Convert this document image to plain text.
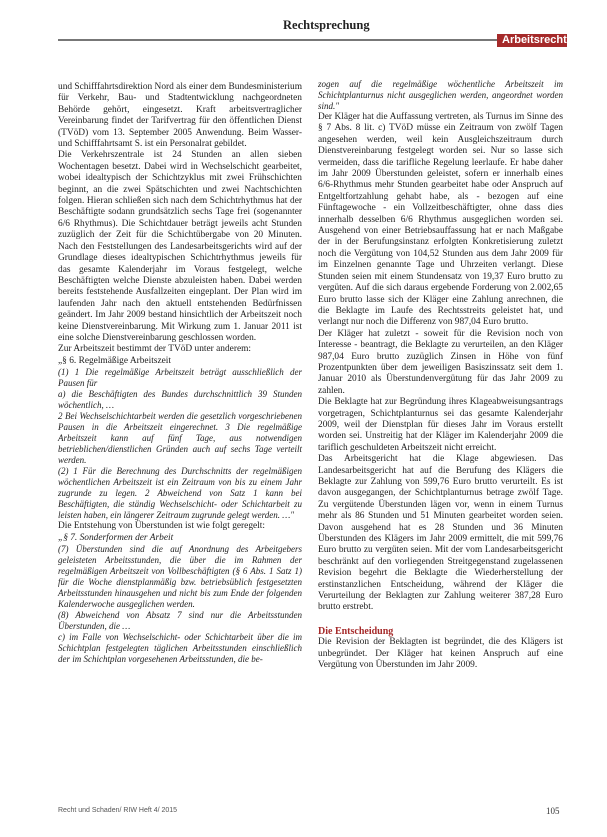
Rechtsprechung
Arbeitsrecht

und Schifffahrtsdirektion Nord als einer dem Bundesministerium für Verkehr, Bau- und Stadtentwicklung nachgeordneten Behörde gehört, eingesetzt. Kraft arbeitsvertraglicher Vereinbarung findet der Tarifvertrag für den öffentlichen Dienst (TVöD) vom 13. September 2005 Anwendung. Beim Wasser- und Schifffahrtsamt S. ist ein Personalrat gebildet.

Die Verkehrszentrale ist 24 Stunden an allen sieben Wochentagen besetzt. Dabei wird in Wechselschicht gearbeitet, wobei idealtypisch der Schichtzyklus mit zwei Frühschichten beginnt, an die zwei Spätschichten und zwei Nachtschichten folgen. Hieran schließen sich nach dem Schichtrhythmus hat der Beschäftigte sodann grundsätzlich sechs Tage frei (sogenannter 6/6 Rhythmus). Die Schichtdauer beträgt jeweils acht Stunden zuzüglich der Zeit für die Schichtübergabe von 20 Minuten. Nach den Feststellungen des Landesarbeitsgerichts wird auf der Grundlage dieses idealtypischen Schichtrhythmus jeweils für das gesamte Kalenderjahr im Voraus festgelegt, welche Beschäftigten welche Dienste abzuleisten haben. Dabei werden bereits feststehende Ausfallzeiten eingeplant. Der Plan wird im laufenden Jahr nach den aktuell entstehenden Bedürfnissen geändert. Im Jahr 2009 bestand hinsichtlich der Arbeitszeit noch keine Dienstvereinbarung. Mit Wirkung zum 1. Januar 2011 ist eine solche Dienstvereinbarung geschlossen worden.

Zur Arbeitszeit bestimmt der TVöD unter anderem:

„§ 6. Regelmäßige Arbeitszeit

(1) 1 Die regelmäßige Arbeitszeit beträgt ausschließlich der Pausen für

a) die Beschäftigten des Bundes durchschnittlich 39 Stunden wöchentlich, …

2 Bei Wechselschichtarbeit werden die gesetzlich vorgeschriebenen Pausen in die Arbeitszeit eingerechnet. 3 Die regelmäßige Arbeitszeit kann auf fünf Tage, aus notwendigen betrieblichen/dienstlichen Gründen auch auf sechs Tage verteilt werden.

(2) 1 Für die Berechnung des Durchschnitts der regelmäßigen wöchentlichen Arbeitszeit ist ein Zeitraum von bis zu einem Jahr zugrunde zu legen. 2 Abweichend von Satz 1 kann bei Beschäftigten, die ständig Wechselschicht- oder Schichtarbeit zu leisten haben, ein längerer Zeitraum zugrunde gelegt werden. …"

Die Entstehung von Überstunden ist wie folgt geregelt:

„§ 7. Sonderformen der Arbeit

(7) Überstunden sind die auf Anordnung des Arbeitgebers geleisteten Arbeitsstunden, die über die im Rahmen der regelmäßigen Arbeitszeit von Vollbeschäftigten (§ 6 Abs. 1 Satz 1) für die Woche dienstplanmäßig bzw. betriebsüblich festgesetzten Arbeitsstunden hinausgehen und nicht bis zum Ende der folgenden Kalenderwoche ausgeglichen werden.

(8) Abweichend von Absatz 7 sind nur die Arbeitsstunden Überstunden, die …

c) im Falle von Wechselschicht- oder Schichtarbeit über die im Schichtplan festgelegten täglichen Arbeitsstunden einschließlich der im Schichtplan vorgesehenen Arbeitsstunden, die be-

zogen auf die regelmäßige wöchentliche Arbeitszeit im Schichtplanturnus nicht ausgeglichen werden, angeordnet worden sind."

Der Kläger hat die Auffassung vertreten, als Turnus im Sinne des § 7 Abs. 8 lit. c) TVöD müsse ein Zeitraum von zwölf Tagen angesehen werden, weil kein Ausgleichszeitraum durch Dienstvereinbarung festgelegt worden sei. Nur so lasse sich vermeiden, dass die tarifliche Regelung leerlaufe. Er habe daher im Jahr 2009 Überstunden geleistet, sofern er innerhalb eines 6/6-Rhythmus mehr Stunden gearbeitet habe oder Anspruch auf Entgeltfortzahlung gehabt habe, als - bezogen auf eine Fünftagewoche - ein Vollzeitbeschäftigter, ohne dass dies innerhalb desselben 6/6 Rhythmus ausgeglichen worden sei. Ausgehend von einer Betriebsauffassung hat er nach Maßgabe der in der Berufungsinstanz erfolgten Konkretisierung zuletzt noch die Vergütung von 104,52 Stunden aus dem Jahr 2009 für im Einzelnen genannte Tage und Uhrzeiten verlangt. Diese Stunden seien mit einem Stundensatz von 19,37 Euro brutto zu vergüten. Auf die sich daraus ergebende Forderung von 2.002,65 Euro brutto lasse sich der Kläger eine Zahlung anrechnen, die die Beklagte im Laufe des Rechtsstreits geleistet hat, und verlangt nur noch die Differenz von 987,04 Euro brutto.

Der Kläger hat zuletzt - soweit für die Revision noch von Interesse - beantragt, die Beklagte zu verurteilen, an den Kläger 987,04 Euro brutto zuzüglich Zinsen in Höhe von fünf Prozentpunkten über dem jeweiligen Basiszinssatz seit dem 1. Januar 2010 als Überstundenvergütung für das Jahr 2009 zu zahlen.

Die Beklagte hat zur Begründung ihres Klageabweisungsantrags vorgetragen, Schichtplanturnus sei das gesamte Kalenderjahr 2009, weil der Dienstplan für dieses Jahr im Voraus erstellt worden sei. Unstreitig hat der Kläger im Kalenderjahr 2009 die tariflich geschuldeten Arbeitszeit nicht erreicht.

Das Arbeitsgericht hat die Klage abgewiesen. Das Landesarbeitsgericht hat auf die Berufung des Klägers die Beklagte zur Zahlung von 599,76 Euro brutto verurteilt. Es ist davon ausgegangen, der Schichtplanturnus betrage zwölf Tage. Zu vergütende Überstunden lägen vor, wenn in einem Turnus mehr als 86 Stunden und 51 Minuten gearbeitet worden seien. Davon ausgehend hat es 28 Stunden und 36 Minuten Überstunden des Klägers im Jahr 2009 ermittelt, die mit 599,76 Euro brutto zu vergüten seien. Mit der vom Landesarbeitsgericht beschränkt auf den vorliegenden Streitgegenstand zugelassenen Revision begehrt die Beklagte die Wiederherstellung der erstinstanzlichen Entscheidung, während der Kläger die Verurteilung der Beklagten zur Zahlung weiterer 387,28 Euro brutto erstrebt.

Die Entscheidung

Die Revision der Beklagten ist begründet, die des Klägers ist unbegründet. Der Kläger hat keinen Anspruch auf eine Vergütung von Überstunden im Jahr 2009.

Recht und Schaden/ RIW Heft 4/ 2015	105
